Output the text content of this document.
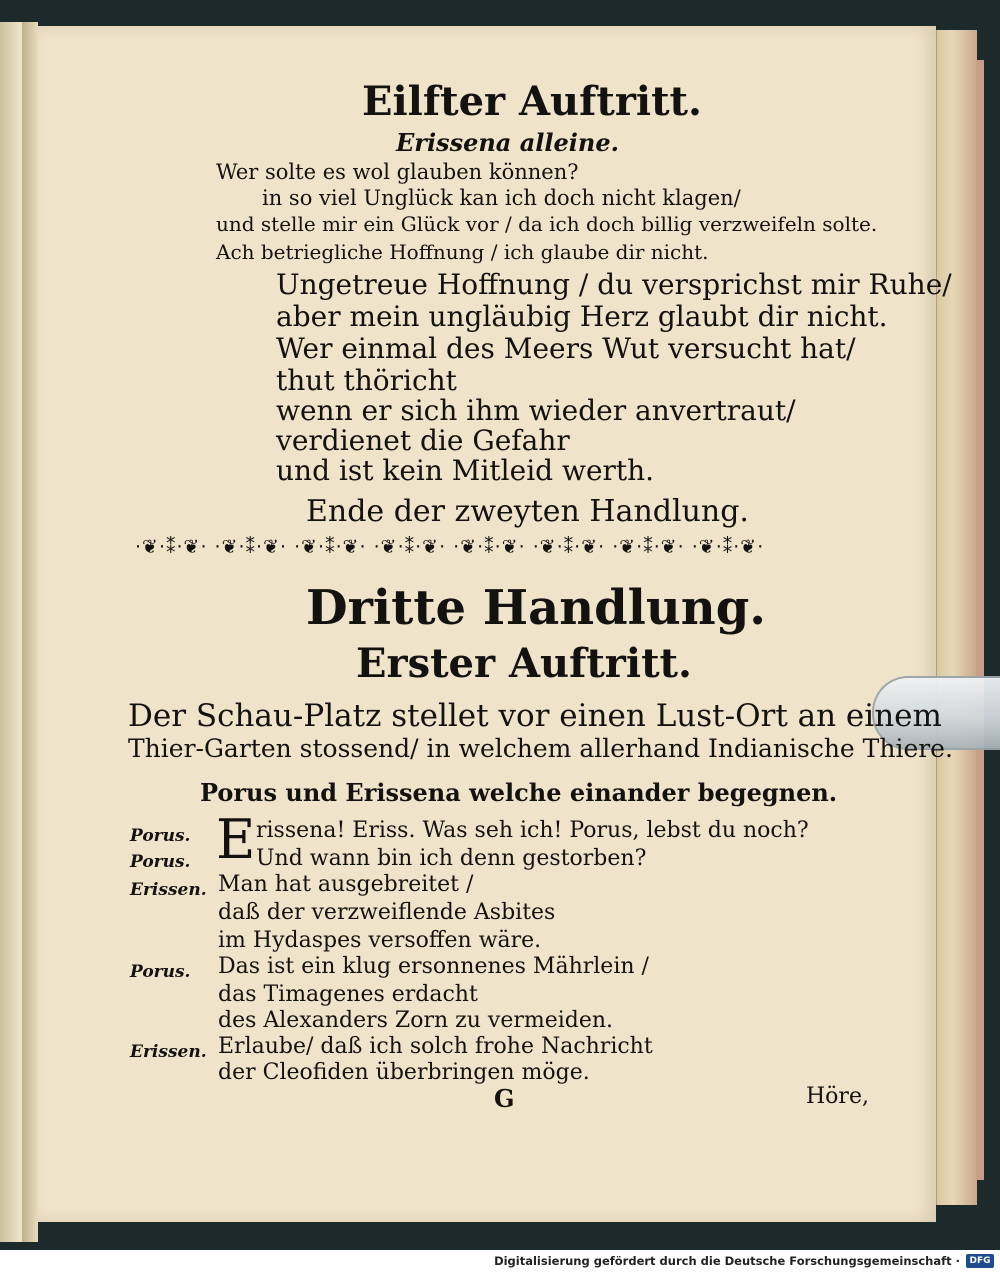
Eilfter Auftritt.
Erissena alleine.
Wer solte es wol glauben können?
in so viel Unglück kan ich doch nicht klagen/
und stelle mir ein Glück vor / da ich doch billig verzweifeln solte.
Ach betriegliche Hoffnung / ich glaube dir nicht.
Ungetreue Hoffnung / du versprichst mir Ruhe/
aber mein ungläubig Herz glaubt dir nicht.
Wer einmal des Meers Wut versucht hat/
thut thöricht
wenn er sich ihm wieder anvertraut/
verdienet die Gefahr
und ist kein Mitleid werth.
Ende der zweyten Handlung.
·❦·⁑·❦· ·❦·⁑·❦· ·❦·⁑·❦· ·❦·⁑·❦· ·❦·⁑·❦· ·❦·⁑·❦· ·❦·⁑·❦· ·❦·⁑·❦·
Dritte Handlung.
Erster Auftritt.
Der Schau-Platz stellet vor einen Lust-Ort an einem
Thier-Garten stossend/ in welchem allerhand Indianische Thiere.
Porus und Erissena welche einander begegnen.
E
Porus.	rissena! Eriss. Was seh ich! Porus, lebst du noch?
Porus.	Und wann bin ich denn gestorben?
Erissen. Man hat ausgebreitet /
daß der verzweiflende Asbites
im Hydaspes versoffen wäre.
Porus. Das ist ein klug ersonnenes Mährlein /
das Timagenes erdacht
des Alexanders Zorn zu vermeiden.
Erissen. Erlaube/ daß ich solch frohe Nachricht
der Cleofiden überbringen möge.
G	Höre,
Digitalisierung gefördert durch die Deutsche Forschungsgemeinschaft ·	DFG
